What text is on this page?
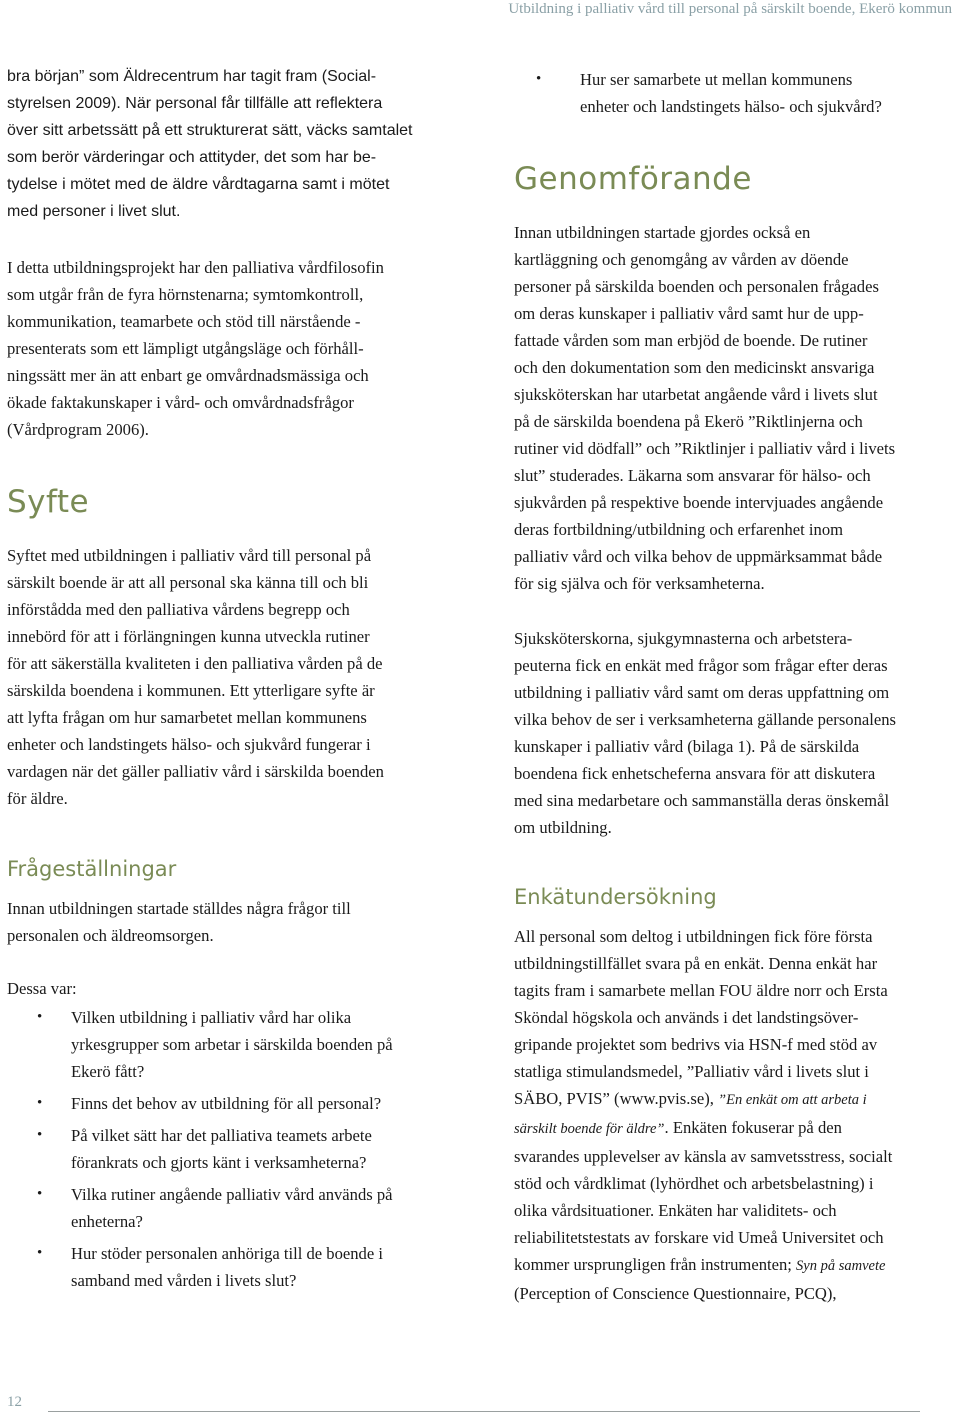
Utbildning i palliativ vård till personal på särskilt boende, Ekerö kommun
bra början” som Äldrecentrum har tagit fram (Social-
styrelsen 2009). När personal får tillfälle att reflektera
över sitt arbetssätt på ett strukturerat sätt, väcks samtalet
som berör värderingar och attityder, det som har be-
tydelse i mötet med de äldre vårdtagarna samt i mötet
med personer i livet slut.
I detta utbildningsprojekt har den palliativa vårdfilosofin
som utgår från de fyra hörnstenarna; symtomkontroll,
kommunikation, teamarbete och stöd till närstående -
presenterats som ett lämpligt utgångsläge och förhåll-
ningssätt mer än att enbart ge omvårdnadsmässiga och
ökade faktakunskaper i vård- och omvårdnadsfrågor
(Vårdprogram 2006).
Syfte
Syftet med utbildningen i palliativ vård till personal på
särskilt boende är att all personal ska känna till och bli
införstådda med den palliativa vårdens begrepp och
innebörd för att i förlängningen kunna utveckla rutiner
för att säkerställa kvaliteten i den palliativa vården på de
särskilda boendena i kommunen. Ett ytterligare syfte är
att lyfta frågan om hur samarbetet mellan kommunens
enheter och landstingets hälso- och sjukvård fungerar i
vardagen när det gäller palliativ vård i särskilda boenden
för äldre.
Frågeställningar
Innan utbildningen startade ställdes några frågor till
personalen och äldreomsorgen.
Dessa var:
• Vilken utbildning i palliativ vård har olika
yrkesgrupper som arbetar i särskilda boenden på
Ekerö fått?
• Finns det behov av utbildning för all personal?
• På vilket sätt har det palliativa teamets arbete
förankrats och gjorts känt i verksamheterna?
• Vilka rutiner angående palliativ vård används på
enheterna?
• Hur stöder personalen anhöriga till de boende i
samband med vården i livets slut?
• Hur ser samarbete ut mellan kommunens
enheter och landstingets hälso- och sjukvård?
Genomförande
Innan utbildningen startade gjordes också en
kartläggning och genomgång av vården av döende
personer på särskilda boenden och personalen frågades
om deras kunskaper i palliativ vård samt hur de upp-
fattade vården som man erbjöd de boende. De rutiner
och den dokumentation som den medicinskt ansvariga
sjuksköterskan har utarbetat angående vård i livets slut
på de särskilda boendena på Ekerö ”Riktlinjerna och
rutiner vid dödfall” och ”Riktlinjer i palliativ vård i livets
slut” studerades. Läkarna som ansvarar för hälso- och
sjukvården på respektive boende intervjuades angående
deras fortbildning/utbildning och erfarenhet inom
palliativ vård och vilka behov de uppmärksammat både
för sig själva och för verksamheterna.
Sjuksköterskorna, sjukgymnasterna och arbetstera-
peuterna fick en enkät med frågor som frågar efter deras
utbildning i palliativ vård samt om deras uppfattning om
vilka behov de ser i verksamheterna gällande personalens
kunskaper i palliativ vård (bilaga 1). På de särskilda
boendena fick enhetscheferna ansvara för att diskutera
med sina medarbetare och sammanställa deras önskemål
om utbildning.
Enkätundersökning
All personal som deltog i utbildningen fick före första
utbildningstillfället svara på en enkät. Denna enkät har
tagits fram i samarbete mellan FOU äldre norr och Ersta
Sköndal högskola och används i det landstingsöver-
gripande projektet som bedrivs via HSN-f med stöd av
statliga stimulandsmedel, ”Palliativ vård i livets slut i
SÄBO, PVIS” (www.pvis.se), ”En enkät om att arbeta i
särskilt boende för äldre”. Enkäten fokuserar på den
svarandes upplevelser av känsla av samvetsstress, socialt
stöd och vårdklimat (lyhördhet och arbetsbelastning) i
olika vårdsituationer. Enkäten har validitets- och
reliabilitetstestats av forskare vid Umeå Universitet och
kommer ursprungligen från instrumenten; Syn på samvete
(Perception of Conscience Questionnaire, PCQ),
12
